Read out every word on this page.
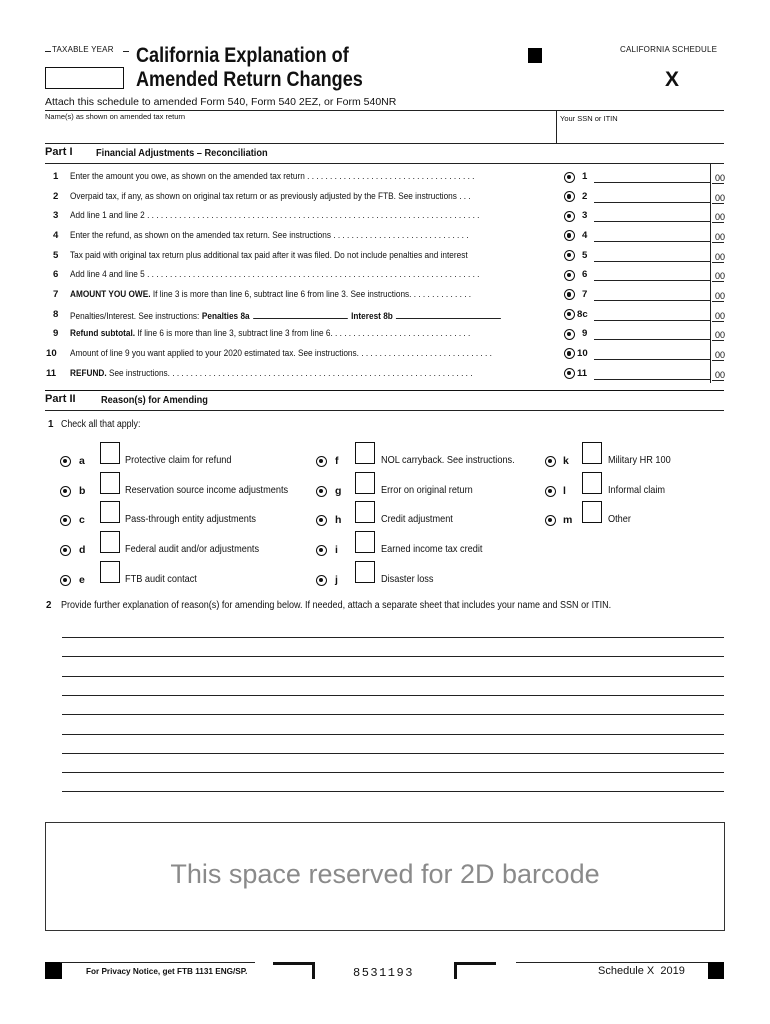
TAXABLE YEAR California Explanation of
Amended Return Changes
CALIFORNIA SCHEDULE
X
Attach this schedule to amended Form 540, Form 540 2EZ, or Form 540NR
Name(s) as shown on amended tax return	Your SSN or ITIN
Part I Financial Adjustments – Reconciliation
1 Enter the amount you owe, as shown on the amended tax return . . . . . . . . . . . . . . . . . . . . . . . . . . . . . . . . . . . . .	1	00
2 Overpaid tax, if any, as shown on original tax return or as previously adjusted by the FTB. See instructions . . .	2	00
3 Add line 1 and line 2 . . . . . . . . . . . . . . . . . . . . . . . . . . . . . . . . . . . . . . . . . . . . . . . . . . . . . . . . . . . . . . . . . . . . . . . . .	3	00
4 Enter the refund, as shown on the amended tax return. See instructions . . . . . . . . . . . . . . . . . . . . . . . . . . . . . .	4	00
5 Tax paid with original tax return plus additional tax paid after it was filed. Do not include penalties and interest	5	00
6 Add line 4 and line 5 . . . . . . . . . . . . . . . . . . . . . . . . . . . . . . . . . . . . . . . . . . . . . . . . . . . . . . . . . . . . . . . . . . . . . . . . .	6	00
7 AMOUNT YOU OWE. If line 3 is more than line 6, subtract line 6 from line 3. See instructions. . . . . . . . . . . . . .	7	00
8 Penalties/Interest. See instructions: Penalties 8a	Interest 8b	8c	00
9 Refund subtotal. If line 6 is more than line 3, subtract line 3 from line 6. . . . . . . . . . . . . . . . . . . . . . . . . . . . . . .	9	00
10 Amount of line 9 you want applied to your 2020 estimated tax. See instructions. . . . . . . . . . . . . . . . . . . . . . . . . . . . . .	10	00
11 REFUND. See instructions. . . . . . . . . . . . . . . . . . . . . . . . . . . . . . . . . . . . . . . . . . . . . . . . . . . . . . . . . . . . . . . . . . .	11	00
Part II Reason(s) for Amending
1 Check all that apply:
a	Protective claim for refund
b	Reservation source income adjustments
c	Pass-through entity adjustments
d	Federal audit and/or adjustments
e	FTB audit contact
f	NOL carryback. See instructions.
g	Error on original return
h	Credit adjustment
i	Earned income tax credit
j	Disaster loss
k	Military HR 100
l	Informal claim
m	Other
2 Provide further explanation of reason(s) for amending below. If needed, attach a separate sheet that includes your name and SSN or ITIN.
This space reserved for 2D barcode
For Privacy Notice, get FTB 1131 ENG/SP.	8531193	Schedule X  2019
